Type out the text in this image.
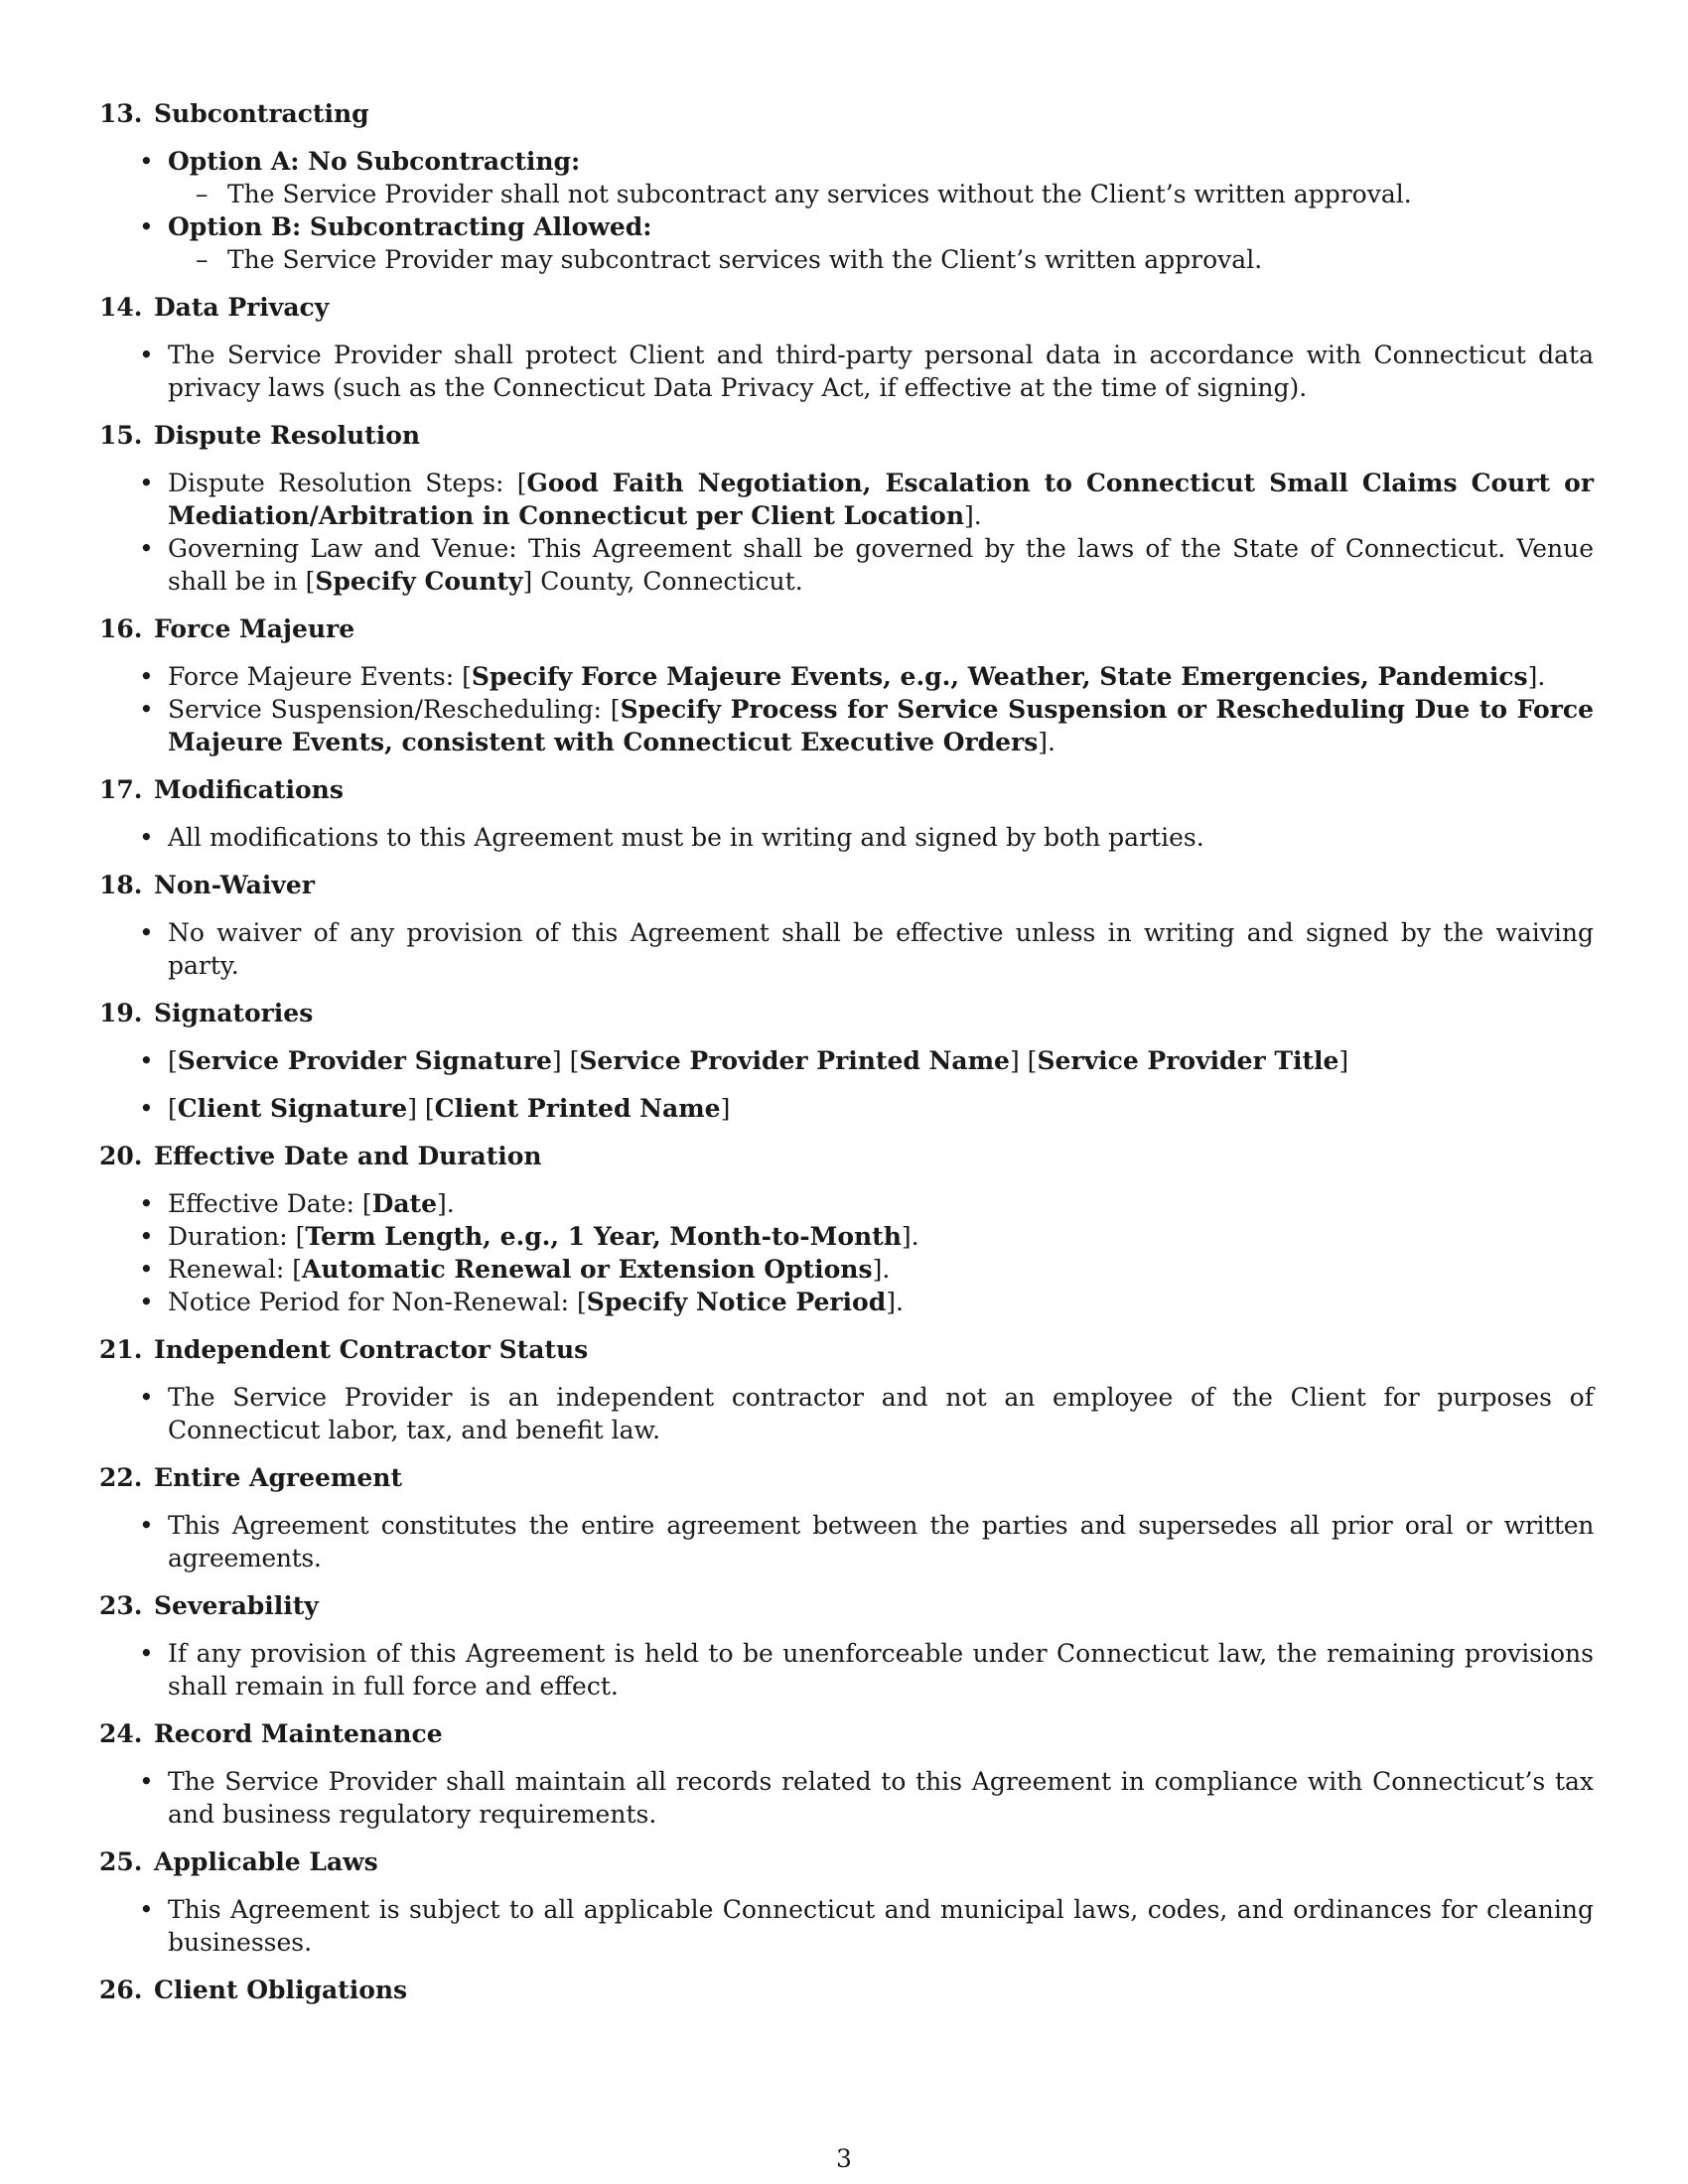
13. Subcontracting
• Option A: No Subcontracting:
– The Service Provider shall not subcontract any services without the Client’s written approval.
• Option B: Subcontracting Allowed:
– The Service Provider may subcontract services with the Client’s written approval.
14. Data Privacy
• The Service Provider shall protect Client and third-party personal data in accordance with Connecticut data privacy laws (such as the Connecticut Data Privacy Act, if effective at the time of signing).
15. Dispute Resolution
• Dispute Resolution Steps: [Good Faith Negotiation, Escalation to Connecticut Small Claims Court or Mediation/Arbitration in Connecticut per Client Location].
• Governing Law and Venue: This Agreement shall be governed by the laws of the State of Connecticut. Venue shall be in [Specify County] County, Connecticut.
16. Force Majeure
• Force Majeure Events: [Specify Force Majeure Events, e.g., Weather, State Emergencies, Pandemics].
• Service Suspension/Rescheduling: [Specify Process for Service Suspension or Rescheduling Due to Force Majeure Events, consistent with Connecticut Executive Orders].
17. Modifications
• All modifications to this Agreement must be in writing and signed by both parties.
18. Non-Waiver
• No waiver of any provision of this Agreement shall be effective unless in writing and signed by the waiving party.
19. Signatories
• [Service Provider Signature] [Service Provider Printed Name] [Service Provider Title]
• [Client Signature] [Client Printed Name]
20. Effective Date and Duration
• Effective Date: [Date].
• Duration: [Term Length, e.g., 1 Year, Month-to-Month].
• Renewal: [Automatic Renewal or Extension Options].
• Notice Period for Non-Renewal: [Specify Notice Period].
21. Independent Contractor Status
• The Service Provider is an independent contractor and not an employee of the Client for purposes of Connecticut labor, tax, and benefit law.
22. Entire Agreement
• This Agreement constitutes the entire agreement between the parties and supersedes all prior oral or written agreements.
23. Severability
• If any provision of this Agreement is held to be unenforceable under Connecticut law, the remaining provisions shall remain in full force and effect.
24. Record Maintenance
• The Service Provider shall maintain all records related to this Agreement in compliance with Connecticut’s tax and business regulatory requirements.
25. Applicable Laws
• This Agreement is subject to all applicable Connecticut and municipal laws, codes, and ordinances for cleaning businesses.
26. Client Obligations
3
